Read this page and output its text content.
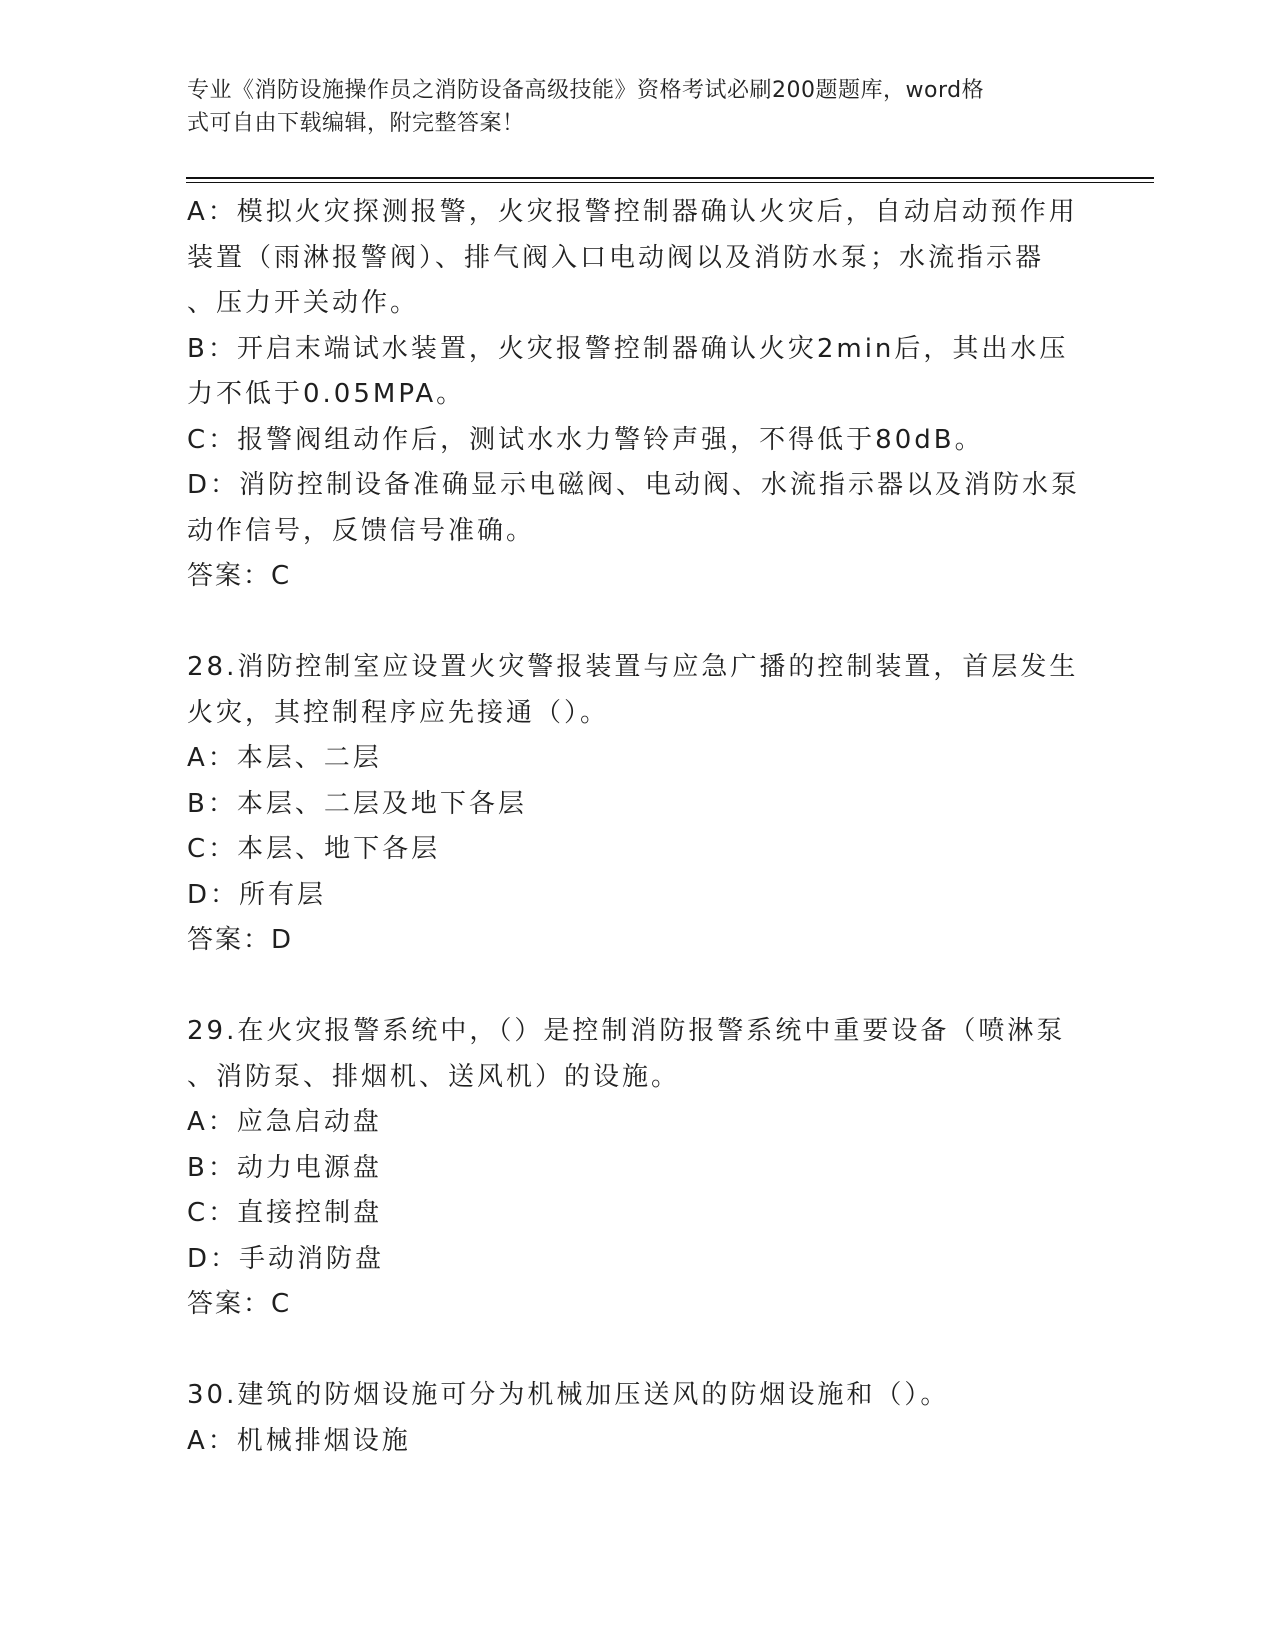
专业《消防设施操作员之消防设备高级技能》资格考试必刷200题题库，word格
式可自由下载编辑，附完整答案！
A：模拟火灾探测报警，火灾报警控制器确认火灾后，自动启动预作用
装置（雨淋报警阀）、排气阀入口电动阀以及消防水泵；水流指示器
、压力开关动作。
B：开启末端试水装置，火灾报警控制器确认火灾2min后，其出水压
力不低于0.05MPA。
C：报警阀组动作后，测试水水力警铃声强，不得低于80dB。
D：消防控制设备准确显示电磁阀、电动阀、水流指示器以及消防水泵
动作信号，反馈信号准确。
答案：C
28.消防控制室应设置火灾警报装置与应急广播的控制装置，首层发生
火灾，其控制程序应先接通（）。
A：本层、二层
B：本层、二层及地下各层
C：本层、地下各层
D：所有层
答案：D
29.在火灾报警系统中，（）是控制消防报警系统中重要设备（喷淋泵
、消防泵、排烟机、送风机）的设施。
A：应急启动盘
B：动力电源盘
C：直接控制盘
D：手动消防盘
答案：C
30.建筑的防烟设施可分为机械加压送风的防烟设施和（）。
A：机械排烟设施
